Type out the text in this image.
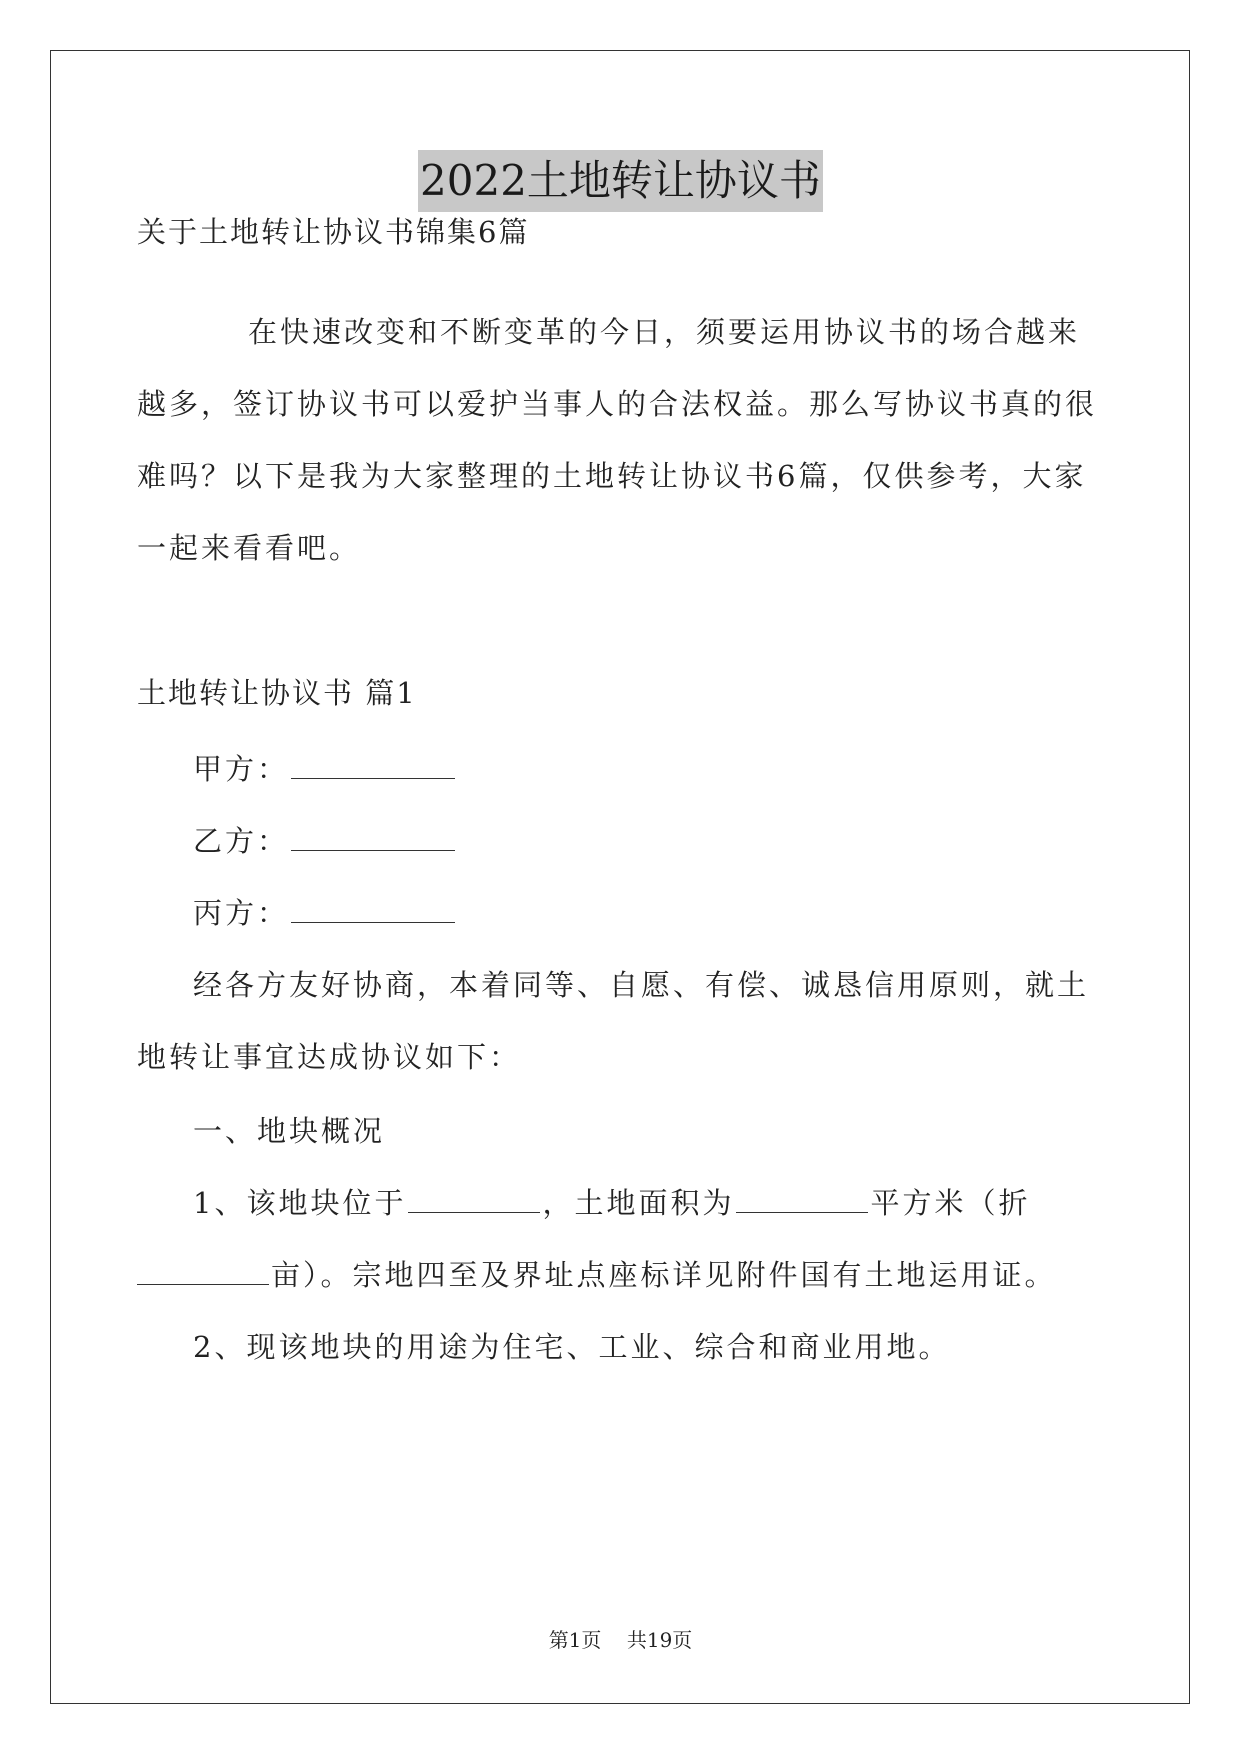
2022土地转让协议书
关于土地转让协议书锦集6篇
在快速改变和不断变革的今日，须要运用协议书的场合越来
越多，签订协议书可以爱护当事人的合法权益。那么写协议书真的很
难吗？以下是我为大家整理的土地转让协议书6篇，仅供参考，大家
一起来看看吧。
土地转让协议书 篇1
甲方：
乙方：
丙方：
经各方友好协商，本着同等、自愿、有偿、诚恳信用原则，就土
地转让事宜达成协议如下：
一、地块概况
1、该地块位于	，土地面积为	平方米（折
亩）。宗地四至及界址点座标详见附件国有土地运用证。
2、现该地块的用途为住宅、工业、综合和商业用地。
第1页 共19页
